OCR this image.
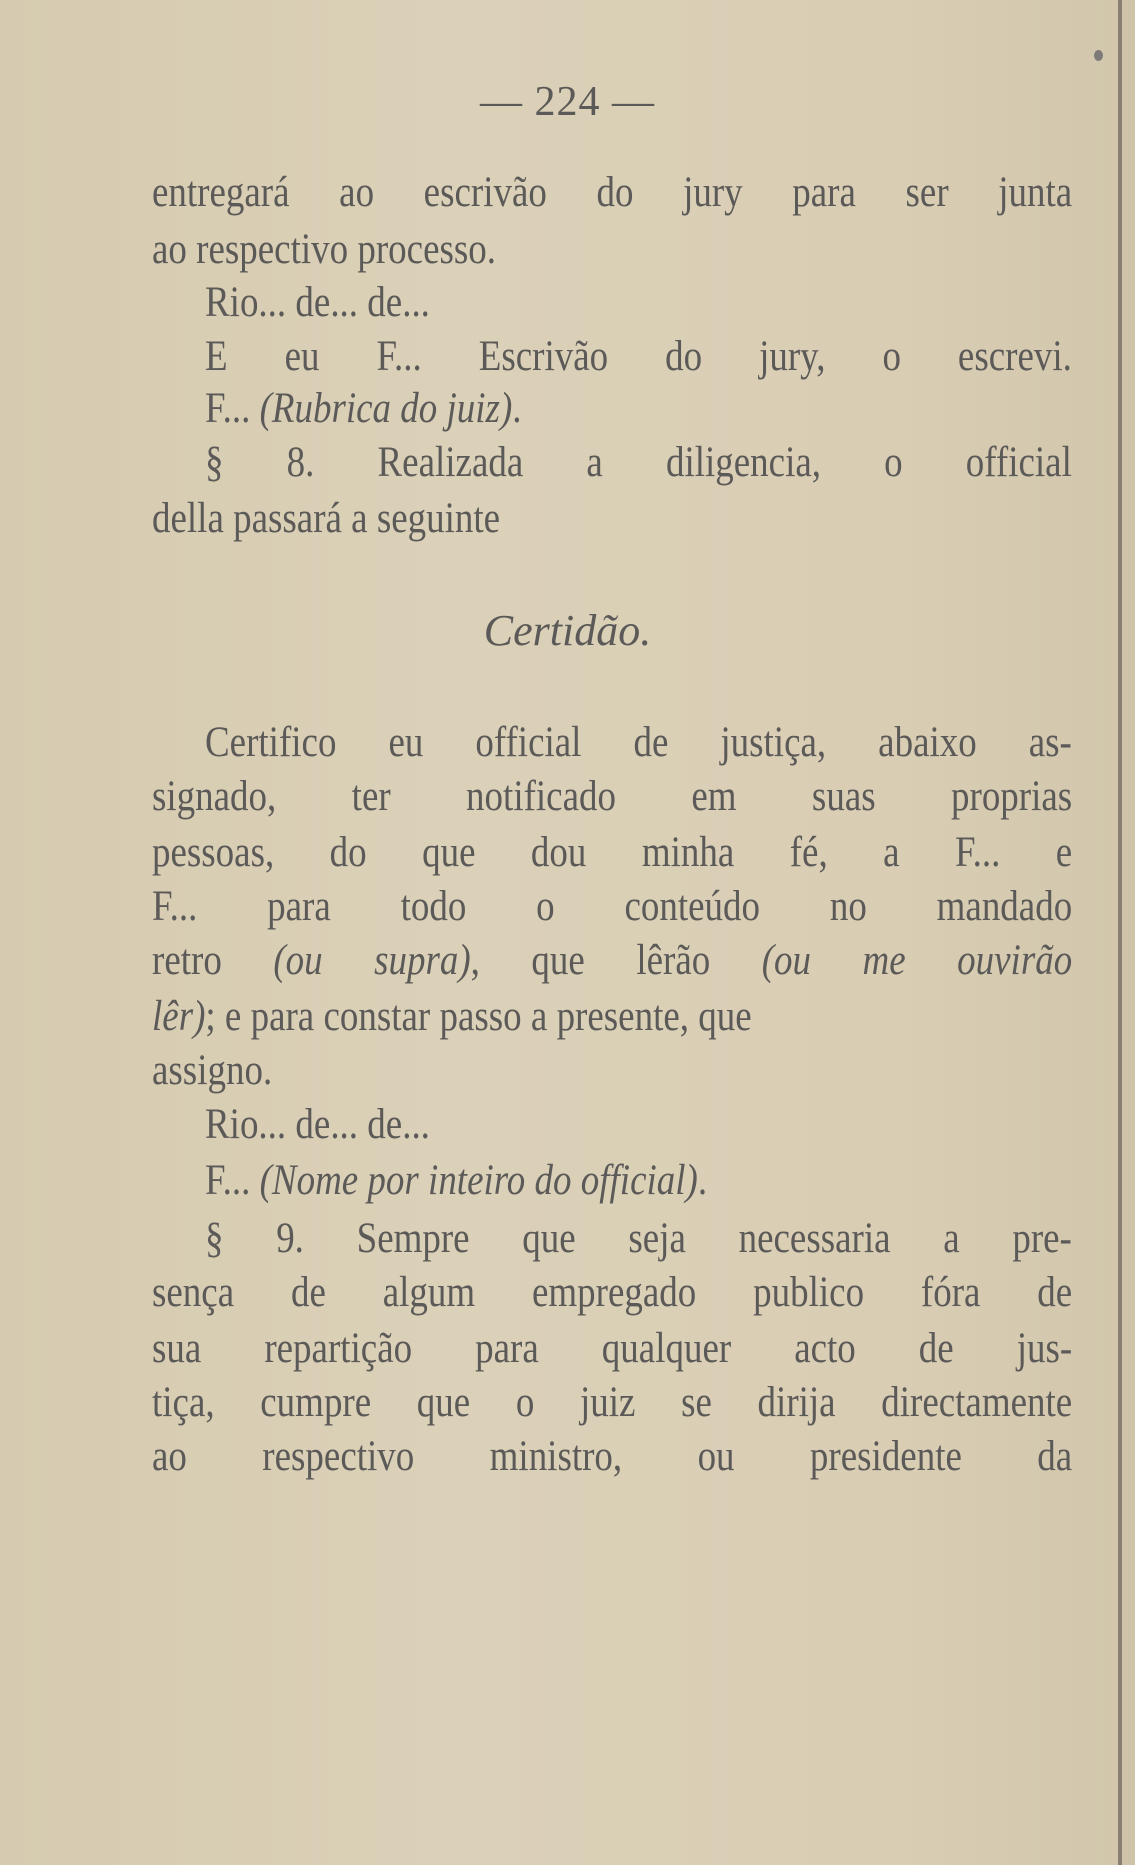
— 224 —
entregará ao escrivão do jury para ser junta
ao respectivo processo.
Rio... de... de...
E eu F... Escrivão do jury, o escrevi.
F... (Rubrica do juiz).
§ 8. Realizada a diligencia, o official
della passará a seguinte
Certidão.
Certifico eu official de justiça, abaixo as-
signado, ter notificado em suas proprias
pessoas, do que dou minha fé, a F... e
F... para todo o conteúdo no mandado
retro (ou supra), que lêrão (ou me ouvirão
lêr); e para constar passo a presente, que
assigno.
Rio... de... de...
F... (Nome por inteiro do official).
§ 9. Sempre que seja necessaria a pre-
sença de algum empregado publico fóra de
sua repartição para qualquer acto de jus-
tiça, cumpre que o juiz se dirija directamente
ao respectivo ministro, ou presidente da
